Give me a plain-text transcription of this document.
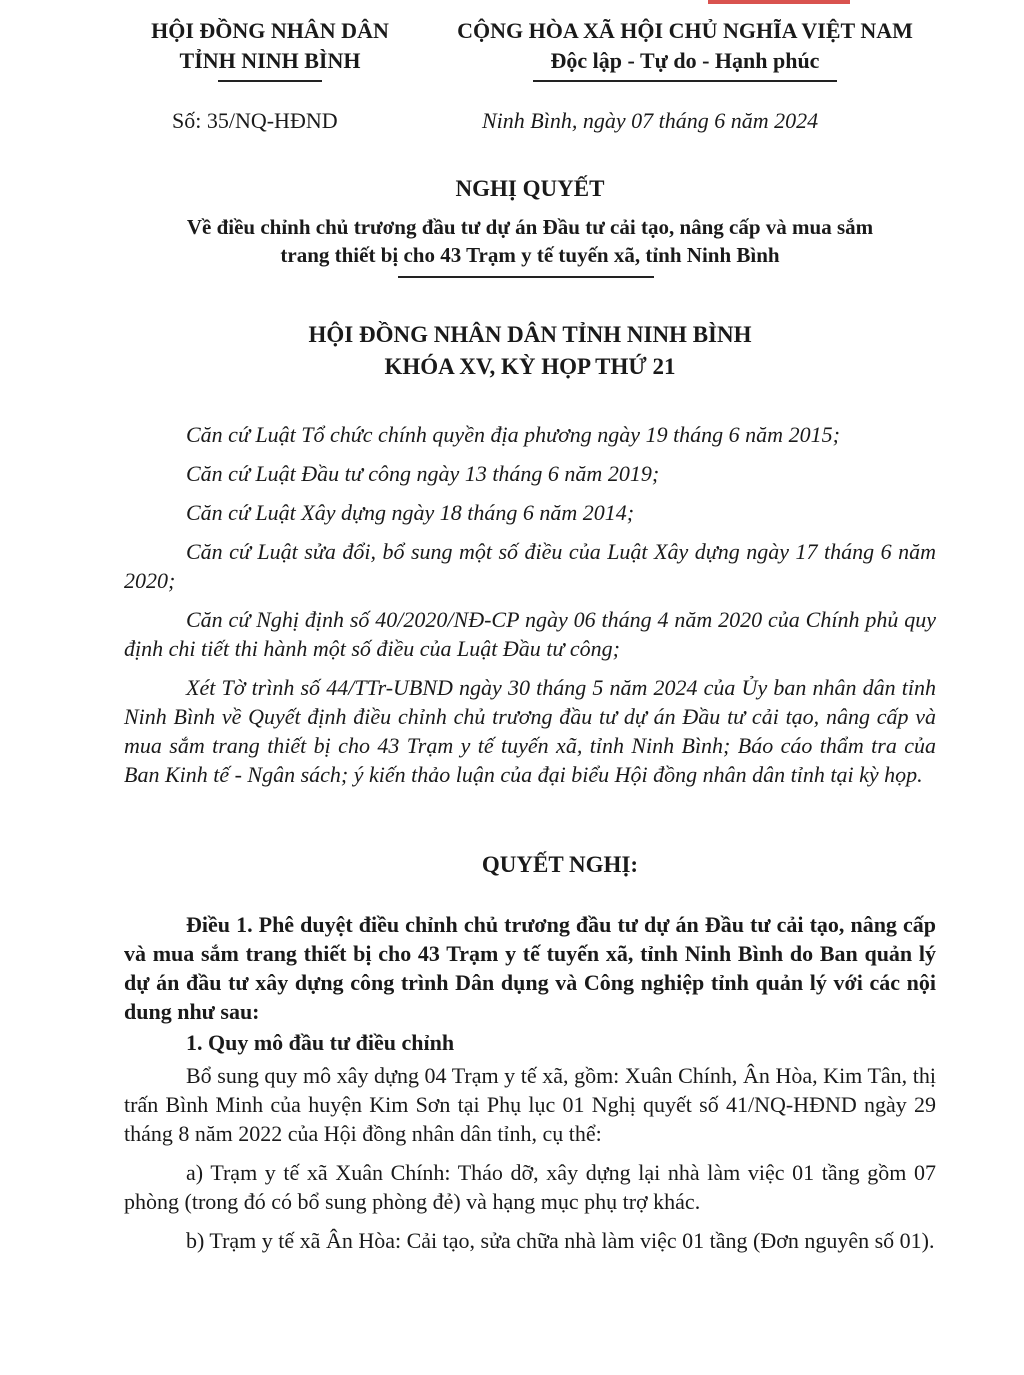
HỘI ĐỒNG NHÂN DÂN
TỈNH NINH BÌNH
CỘNG HÒA XÃ HỘI CHỦ NGHĨA VIỆT NAM
Độc lập - Tự do - Hạnh phúc
Số: 35/NQ-HĐND	Ninh Bình, ngày 07 tháng 6 năm 2024
NGHỊ QUYẾT
Về điều chỉnh chủ trương đầu tư dự án Đầu tư cải tạo, nâng cấp và mua sắm
trang thiết bị cho 43 Trạm y tế tuyến xã, tỉnh Ninh Bình
HỘI ĐỒNG NHÂN DÂN TỈNH NINH BÌNH
KHÓA XV, KỲ HỌP THỨ 21

Căn cứ Luật Tổ chức chính quyền địa phương ngày 19 tháng 6 năm 2015;

Căn cứ Luật Đầu tư công ngày 13 tháng 6 năm 2019;

Căn cứ Luật Xây dựng ngày 18 tháng 6 năm 2014;

Căn cứ Luật sửa đổi, bổ sung một số điều của Luật Xây dựng ngày 17 tháng 6 năm 2020;

Căn cứ Nghị định số 40/2020/NĐ-CP ngày 06 tháng 4 năm 2020 của Chính phủ quy định chi tiết thi hành một số điều của Luật Đầu tư công;

Xét Tờ trình số 44/TTr-UBND ngày 30 tháng 5 năm 2024 của Ủy ban nhân dân tỉnh Ninh Bình về Quyết định điều chỉnh chủ trương đầu tư dự án Đầu tư cải tạo, nâng cấp và mua sắm trang thiết bị cho 43 Trạm y tế tuyến xã, tỉnh Ninh Bình; Báo cáo thẩm tra của Ban Kinh tế - Ngân sách; ý kiến thảo luận của đại biểu Hội đồng nhân dân tỉnh tại kỳ họp.

QUYẾT NGHỊ:

Điều 1. Phê duyệt điều chỉnh chủ trương đầu tư dự án Đầu tư cải tạo, nâng cấp và mua sắm trang thiết bị cho 43 Trạm y tế tuyến xã, tỉnh Ninh Bình do Ban quản lý dự án đầu tư xây dựng công trình Dân dụng và Công nghiệp tỉnh quản lý với các nội dung như sau:

1. Quy mô đầu tư điều chỉnh

Bổ sung quy mô xây dựng 04 Trạm y tế xã, gồm: Xuân Chính, Ân Hòa, Kim Tân, thị trấn Bình Minh của huyện Kim Sơn tại Phụ lục 01 Nghị quyết số 41/NQ-HĐND ngày 29 tháng 8 năm 2022 của Hội đồng nhân dân tỉnh, cụ thể:

a) Trạm y tế xã Xuân Chính: Tháo dỡ, xây dựng lại nhà làm việc 01 tầng gồm 07 phòng (trong đó có bổ sung phòng đẻ) và hạng mục phụ trợ khác.

b) Trạm y tế xã Ân Hòa: Cải tạo, sửa chữa nhà làm việc 01 tầng (Đơn nguyên số 01).
